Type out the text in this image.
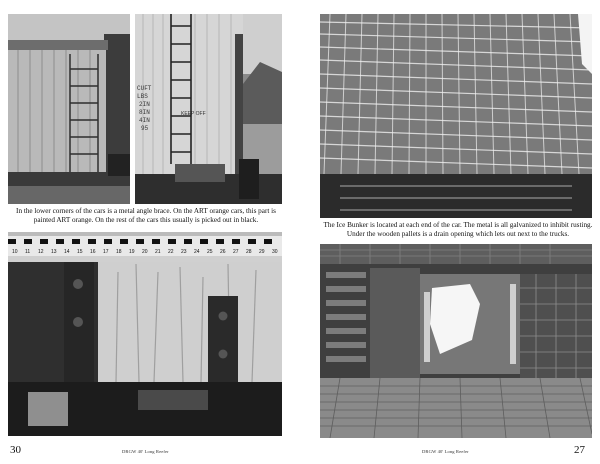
CUFT
LBS
2IN
8IN
4IN
95
KEEP OFF
In the lower corners of the cars is a metal angle brace. On the ART orange cars, this part is painted ART orange. On the rest of the cars this usually is picked out in black.
10 11 12 13 14 15 16 17 18 19 20 21 22 23 24 25 26 27 28 29 30
30	DRGW 40' Long Reefer
The Ice Bunker is located at each end of the car. The metal is all galvanized to inhibit rusting. Under the wooden pallets is a drain opening which lets out next to the trucks.
DRGW 40' Long Reefer	27
